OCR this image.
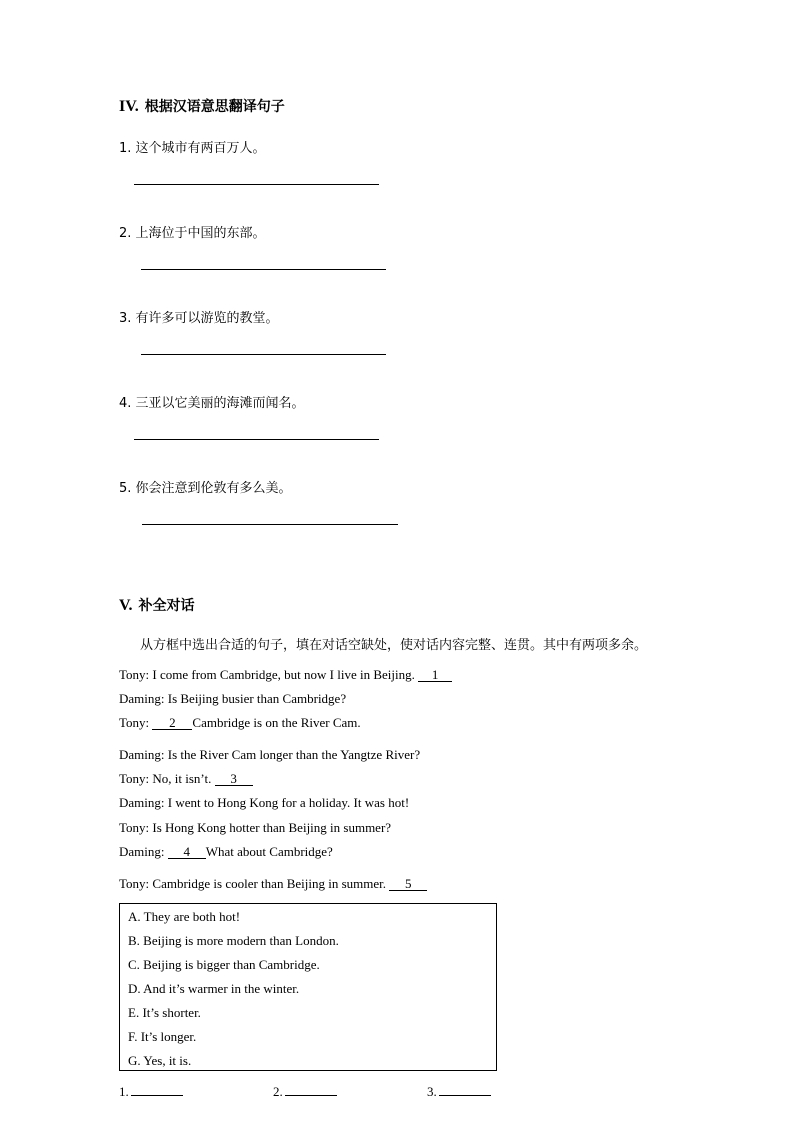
IV. 根据汉语意思翻译句子
1. 这个城市有两百万人。
2. 上海位于中国的东部。
3. 有许多可以游览的教堂。
4. 三亚以它美丽的海滩而闻名。
5. 你会注意到伦敦有多么美。
V. 补全对话
从方框中选出合适的句子，填在对话空缺处，使对话内容完整、连贯。其中有两项多余。
Tony: I come from Cambridge, but now I live in Beijing. 1
Daming: Is Beijing busier than Cambridge?
Tony: 2 Cambridge is on the River Cam.
Daming: Is the River Cam longer than the Yangtze River?
Tony: No, it isn’t. 3
Daming: I went to Hong Kong for a holiday. It was hot!
Tony: Is Hong Kong hotter than Beijing in summer?
Daming: 4 What about Cambridge?
Tony: Cambridge is cooler than Beijing in summer. 5
A. They are both hot!
B. Beijing is more modern than London.
C. Beijing is bigger than Cambridge.
D. And it’s warmer in the winter.
E. It’s shorter.
F. It’s longer.
G. Yes, it is.
1.	2.	3.
